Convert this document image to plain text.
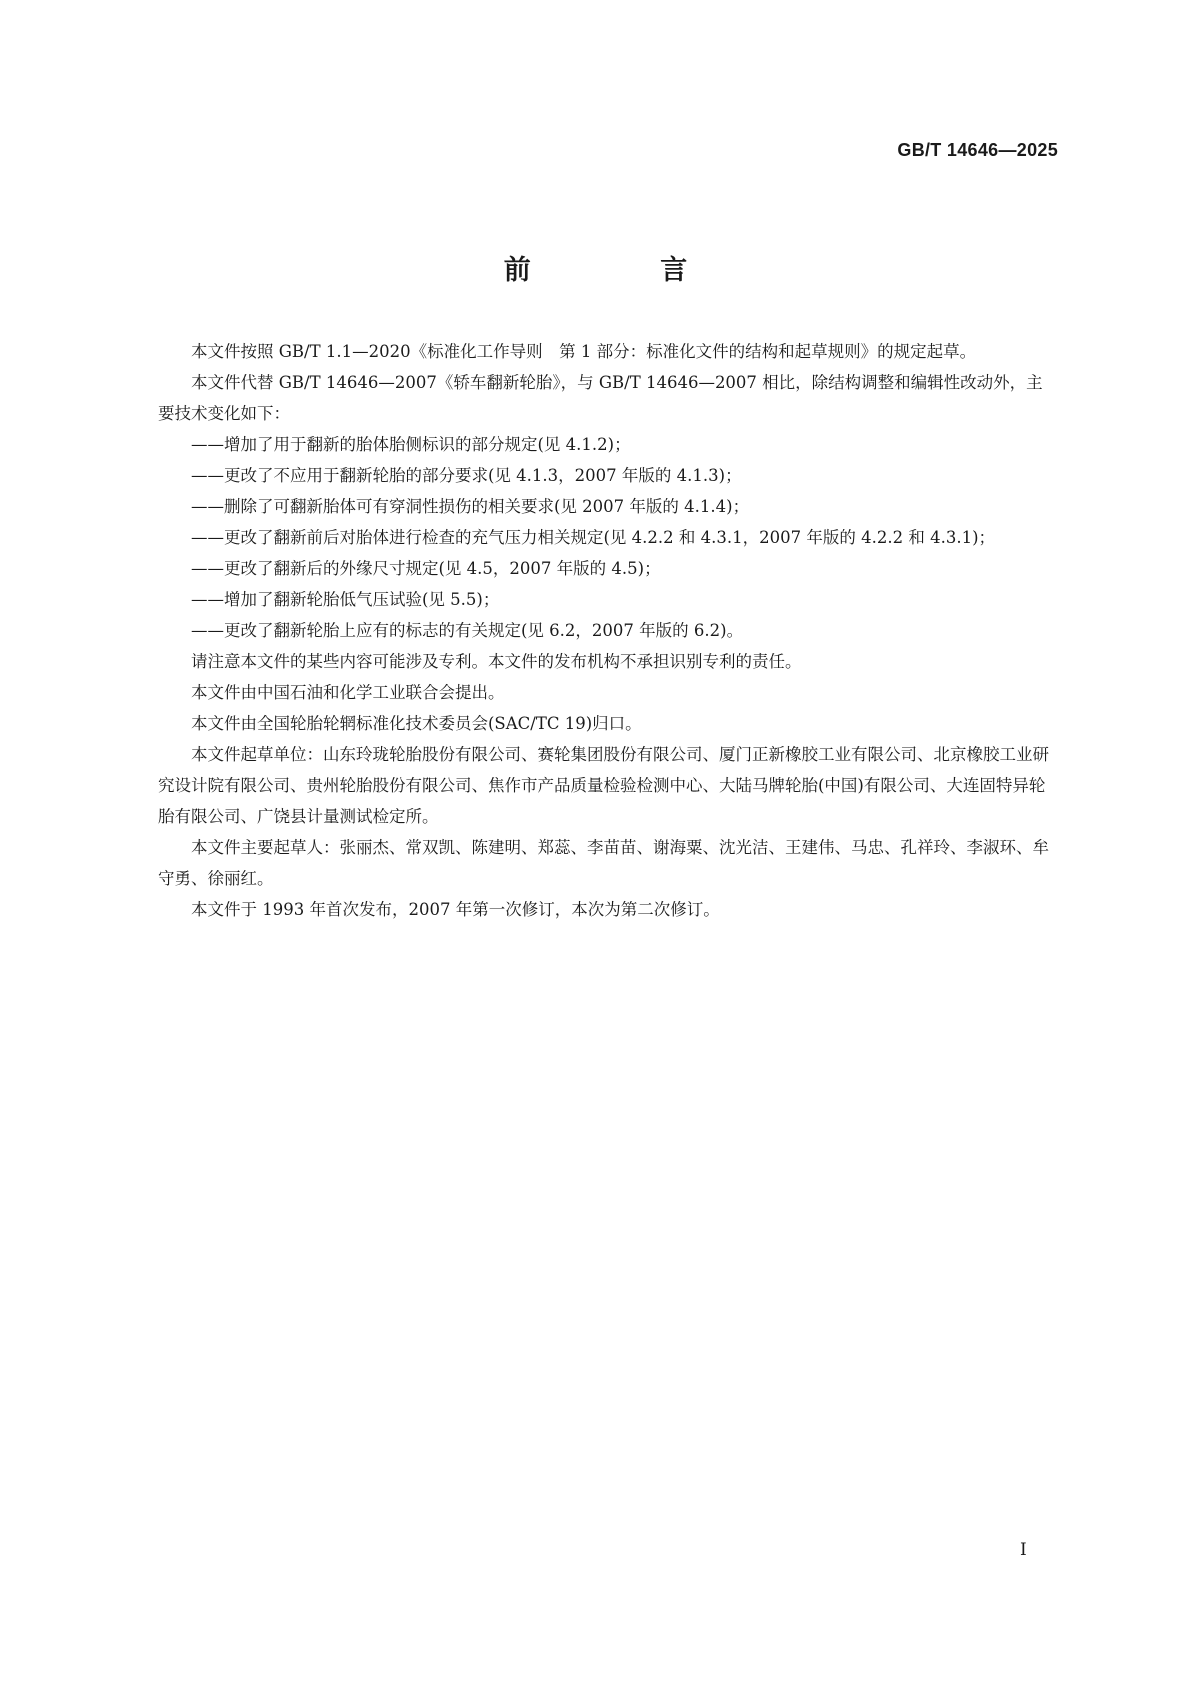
GB/T 14646—2025
前 言

本文件按照 GB/T 1.1—2020《标准化工作导则　第 1 部分：标准化文件的结构和起草规则》的规定起草。

本文件代替 GB/T 14646—2007《轿车翻新轮胎》，与 GB/T 14646—2007 相比，除结构调整和编辑性改动外，主要技术变化如下：

——增加了用于翻新的胎体胎侧标识的部分规定(见 4.1.2)；

——更改了不应用于翻新轮胎的部分要求(见 4.1.3，2007 年版的 4.1.3)；

——删除了可翻新胎体可有穿洞性损伤的相关要求(见 2007 年版的 4.1.4)；

——更改了翻新前后对胎体进行检查的充气压力相关规定(见 4.2.2 和 4.3.1，2007 年版的 4.2.2 和 4.3.1)；

——更改了翻新后的外缘尺寸规定(见 4.5，2007 年版的 4.5)；

——增加了翻新轮胎低气压试验(见 5.5)；

——更改了翻新轮胎上应有的标志的有关规定(见 6.2，2007 年版的 6.2)。

请注意本文件的某些内容可能涉及专利。本文件的发布机构不承担识别专利的责任。

本文件由中国石油和化学工业联合会提出。

本文件由全国轮胎轮辋标准化技术委员会(SAC/TC 19)归口。

本文件起草单位：山东玲珑轮胎股份有限公司、赛轮集团股份有限公司、厦门正新橡胶工业有限公司、北京橡胶工业研究设计院有限公司、贵州轮胎股份有限公司、焦作市产品质量检验检测中心、大陆马牌轮胎(中国)有限公司、大连固特异轮胎有限公司、广饶县计量测试检定所。

本文件主要起草人：张丽杰、常双凯、陈建明、郑蕊、李苗苗、谢海粟、沈光洁、王建伟、马忠、孔祥玲、李淑环、牟守勇、徐丽红。

本文件于 1993 年首次发布，2007 年第一次修订，本次为第二次修订。

I
